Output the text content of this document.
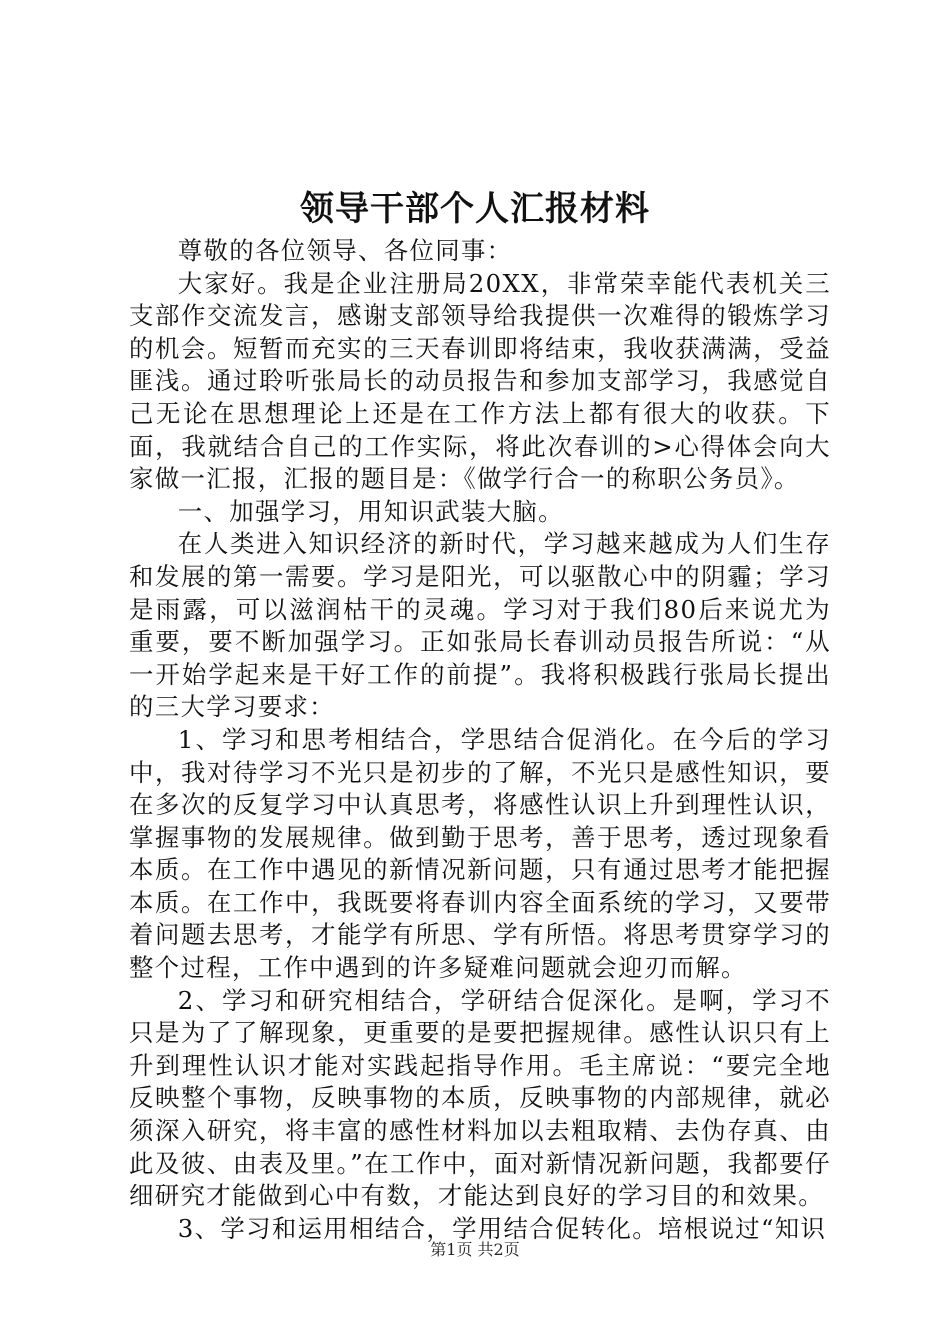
领导干部个人汇报材料

尊敬的各位领导、各位同事：

大家好。我是企业注册局20XX，非常荣幸能代表机关三支部作交流发言，感谢支部领导给我提供一次难得的锻炼学习的机会。短暂而充实的三天春训即将结束，我收获满满，受益匪浅。通过聆听张局长的动员报告和参加支部学习，我感觉自己无论在思想理论上还是在工作方法上都有很大的收获。下面，我就结合自己的工作实际，将此次春训的>心得体会向大家做一汇报，汇报的题目是：《做学行合一的称职公务员》。

一、加强学习，用知识武装大脑。

在人类进入知识经济的新时代，学习越来越成为人们生存和发展的第一需要。学习是阳光，可以驱散心中的阴霾；学习是雨露，可以滋润枯干的灵魂。学习对于我们80后来说尤为重要，要不断加强学习。正如张局长春训动员报告所说：“从一开始学起来是干好工作的前提”。我将积极践行张局长提出的三大学习要求：

1、学习和思考相结合，学思结合促消化。在今后的学习中，我对待学习不光只是初步的了解，不光只是感性知识，要在多次的反复学习中认真思考，将感性认识上升到理性认识，掌握事物的发展规律。做到勤于思考，善于思考，透过现象看本质。在工作中遇见的新情况新问题，只有通过思考才能把握本质。在工作中，我既要将春训内容全面系统的学习，又要带着问题去思考，才能学有所思、学有所悟。将思考贯穿学习的整个过程，工作中遇到的许多疑难问题就会迎刃而解。

2、学习和研究相结合，学研结合促深化。是啊，学习不只是为了了解现象，更重要的是要把握规律。感性认识只有上升到理性认识才能对实践起指导作用。毛主席说：“要完全地反映整个事物，反映事物的本质，反映事物的内部规律，就必须深入研究，将丰富的感性材料加以去粗取精、去伪存真、由此及彼、由表及里。”在工作中，面对新情况新问题，我都要仔细研究才能做到心中有数，才能达到良好的学习目的和效果。

3、学习和运用相结合，学用结合促转化。培根说过“知识

第1页 共2页
